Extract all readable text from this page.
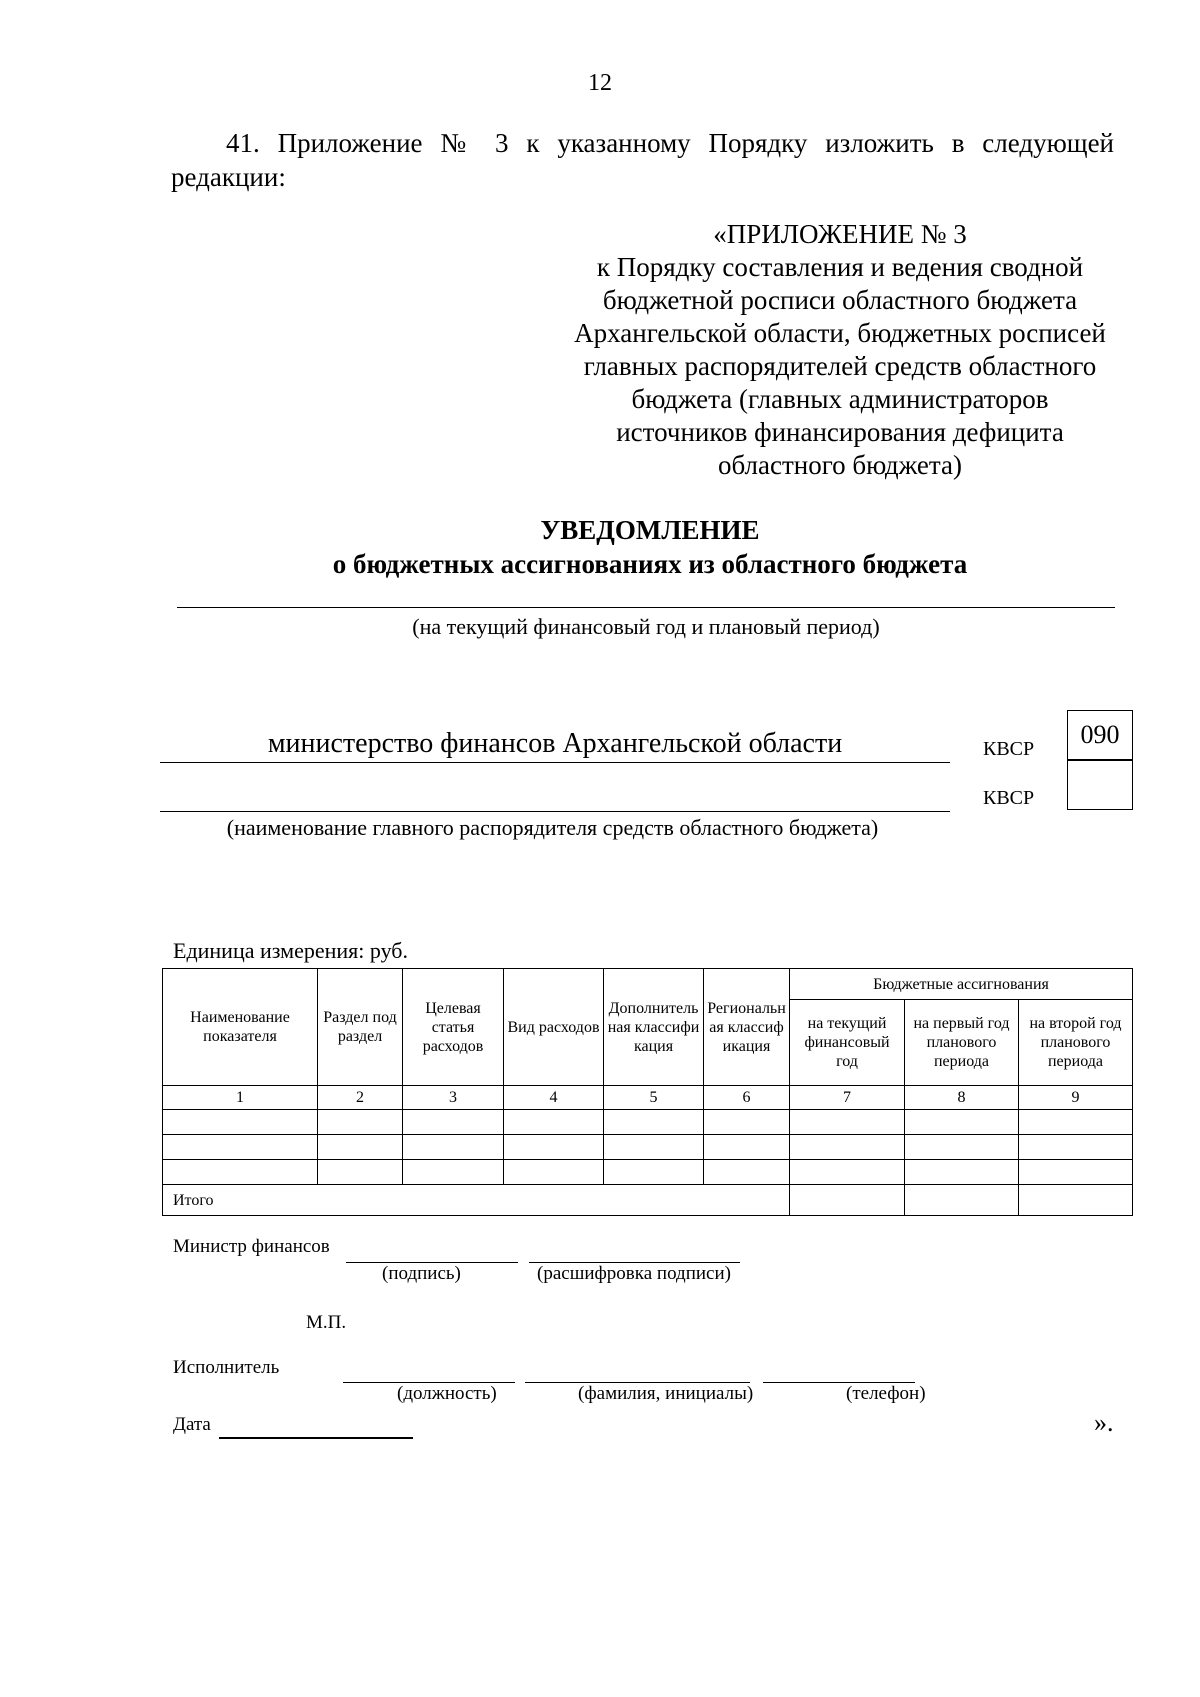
12
41. Приложение № 3 к указанному Порядку изложить в следующей редакции:
«ПРИЛОЖЕНИЕ № 3
к Порядку составления и ведения сводной
бюджетной росписи областного бюджета
Архангельской области, бюджетных росписей
главных распорядителей средств областного
бюджета (главных администраторов
источников финансирования дефицита
областного бюджета)
УВЕДОМЛЕНИЕ
о бюджетных ассигнованиях из областного бюджета
(на текущий финансовый год и плановый период)
министерство финансов Архангельской области
(наименование главного распорядителя средств областного бюджета)
КВСР
КВСР
090
Единица измерения: руб.
Наименование показателя	Раздел подраздел	Целевая статья расходов	Вид расходов	Дополнительная классификация	Региональная классификация	Бюджетные ассигнования		
						на текущий финансовый год	на первый год планового периода	на второй год планового периода
1	2	3	4	5	6	7	8	9

Итого								
Министр финансов
(подпись)	(расшифровка подписи)
М.П.
Исполнитель
(должность)	(фамилия, инициалы)	(телефон)
Дата	».
